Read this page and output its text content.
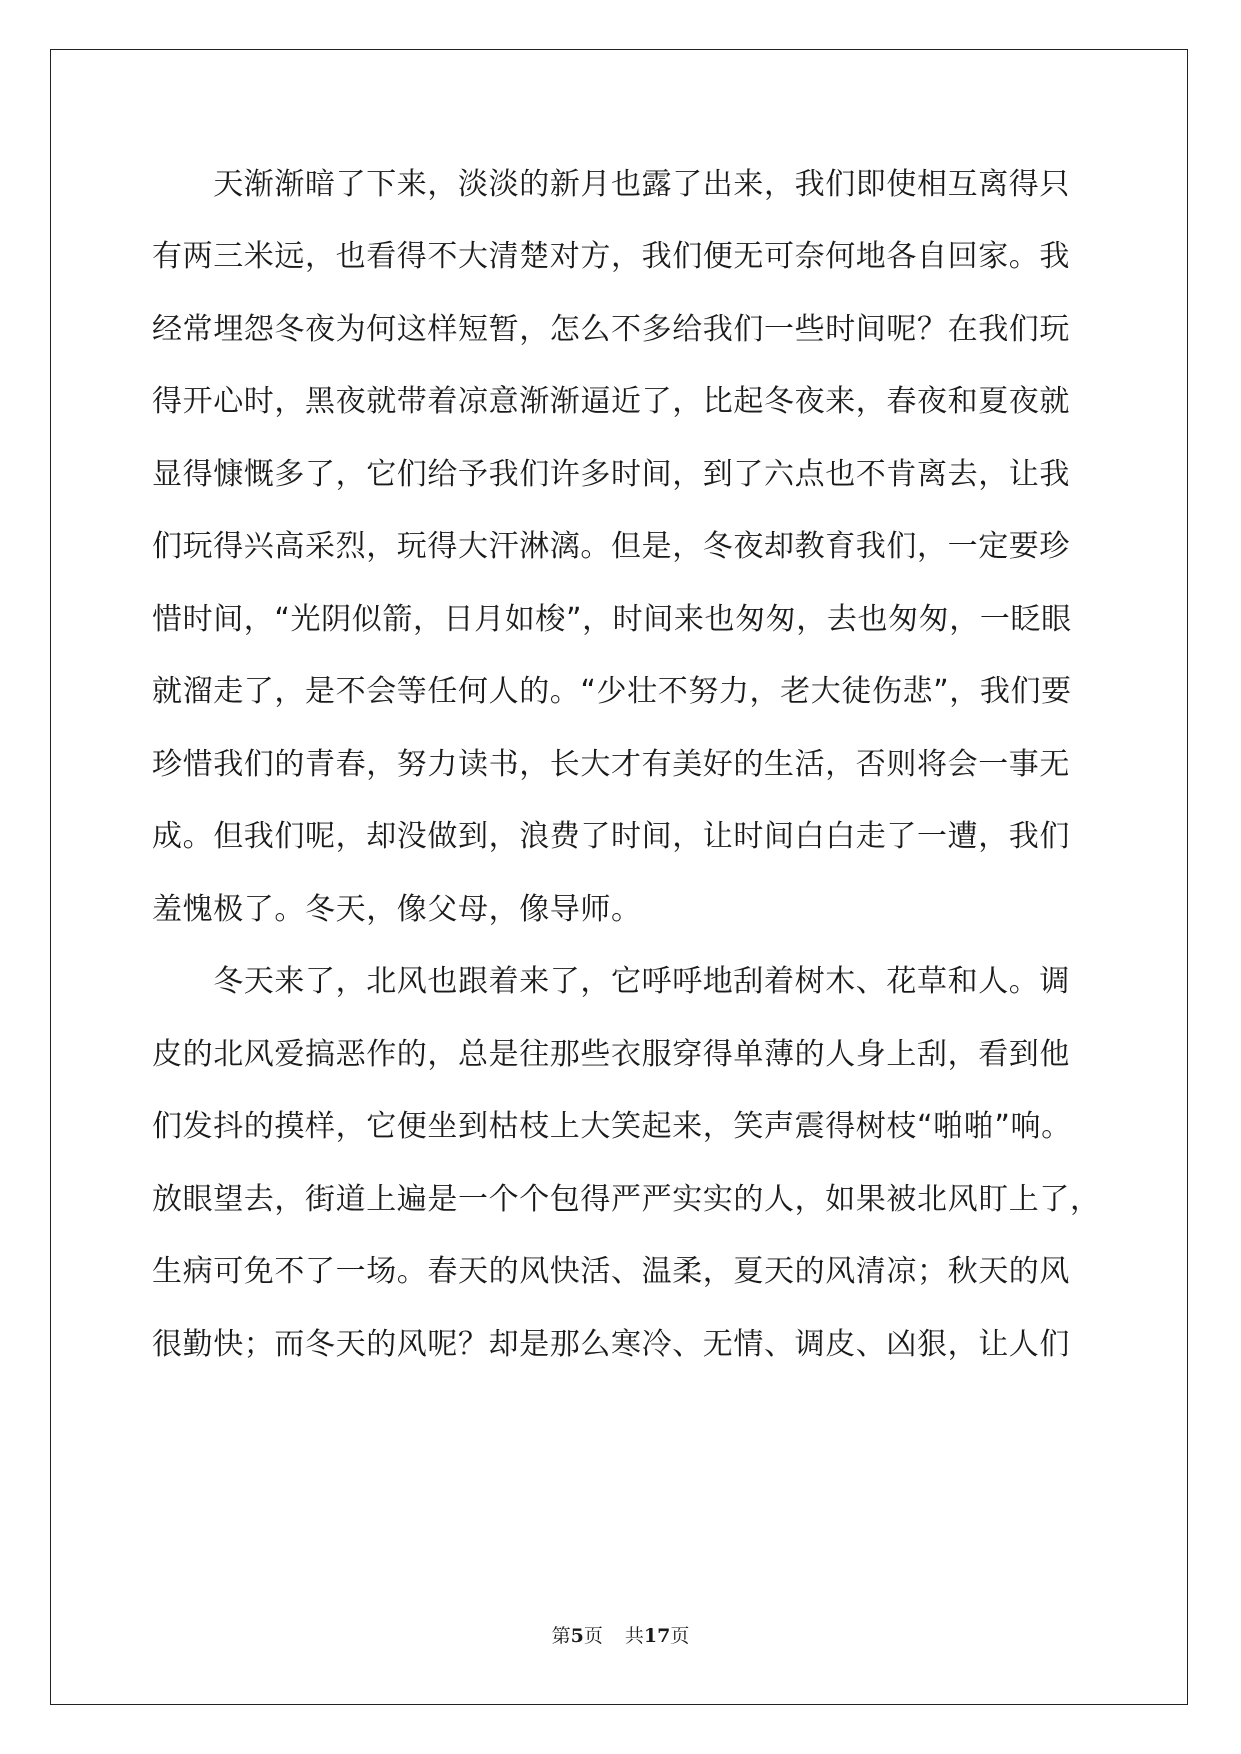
　　天渐渐暗了下来，淡淡的新月也露了出来，我们即使相互离得只
有两三米远，也看得不大清楚对方，我们便无可奈何地各自回家。我
经常埋怨冬夜为何这样短暂，怎么不多给我们一些时间呢？在我们玩
得开心时，黑夜就带着凉意渐渐逼近了，比起冬夜来，春夜和夏夜就
显得慷慨多了，它们给予我们许多时间，到了六点也不肯离去，让我
们玩得兴高采烈，玩得大汗淋漓。但是，冬夜却教育我们，一定要珍
惜时间，“光阴似箭，日月如梭”，时间来也匆匆，去也匆匆，一眨眼
就溜走了，是不会等任何人的。“少壮不努力，老大徒伤悲”，我们要
珍惜我们的青春，努力读书，长大才有美好的生活，否则将会一事无
成。但我们呢，却没做到，浪费了时间，让时间白白走了一遭，我们
羞愧极了。冬天，像父母，像导师。
　　冬天来了，北风也跟着来了，它呼呼地刮着树木、花草和人。调
皮的北风爱搞恶作的，总是往那些衣服穿得单薄的人身上刮，看到他
们发抖的摸样，它便坐到枯枝上大笑起来，笑声震得树枝“啪啪”响。
放眼望去，街道上遍是一个个包得严严实实的人，如果被北风盯上了，
生病可免不了一场。春天的风快活、温柔，夏天的风清凉；秋天的风
很勤快；而冬天的风呢？却是那么寒冷、无情、调皮、凶狠，让人们
第5页 共17页
